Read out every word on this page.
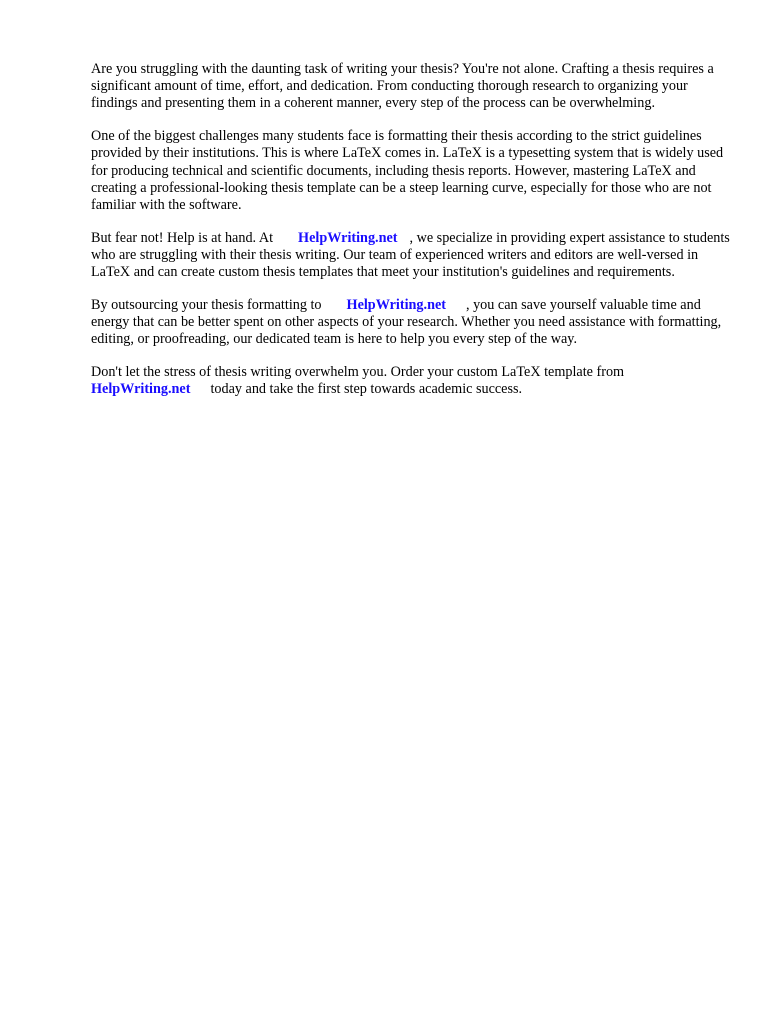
Are you struggling with the daunting task of writing your thesis? You're not alone. Crafting a thesis requires a significant amount of time, effort, and dedication. From conducting thorough research to organizing your findings and presenting them in a coherent manner, every step of the process can be overwhelming.

One of the biggest challenges many students face is formatting their thesis according to the strict guidelines provided by their institutions. This is where LaTeX comes in. LaTeX is a typesetting system that is widely used for producing technical and scientific documents, including thesis reports. However, mastering LaTeX and creating a professional-looking thesis template can be a steep learning curve, especially for those who are not familiar with the software.

But fear not! Help is at hand. At HelpWriting.net , we specialize in providing expert assistance to students who are struggling with their thesis writing. Our team of experienced writers and editors are well-versed in LaTeX and can create custom thesis templates that meet your institution's guidelines and requirements.

By outsourcing your thesis formatting to HelpWriting.net , you can save yourself valuable time and energy that can be better spent on other aspects of your research. Whether you need assistance with formatting, editing, or proofreading, our dedicated team is here to help you every step of the way.

Don't let the stress of thesis writing overwhelm you. Order your custom LaTeX template from HelpWriting.net today and take the first step towards academic success.
